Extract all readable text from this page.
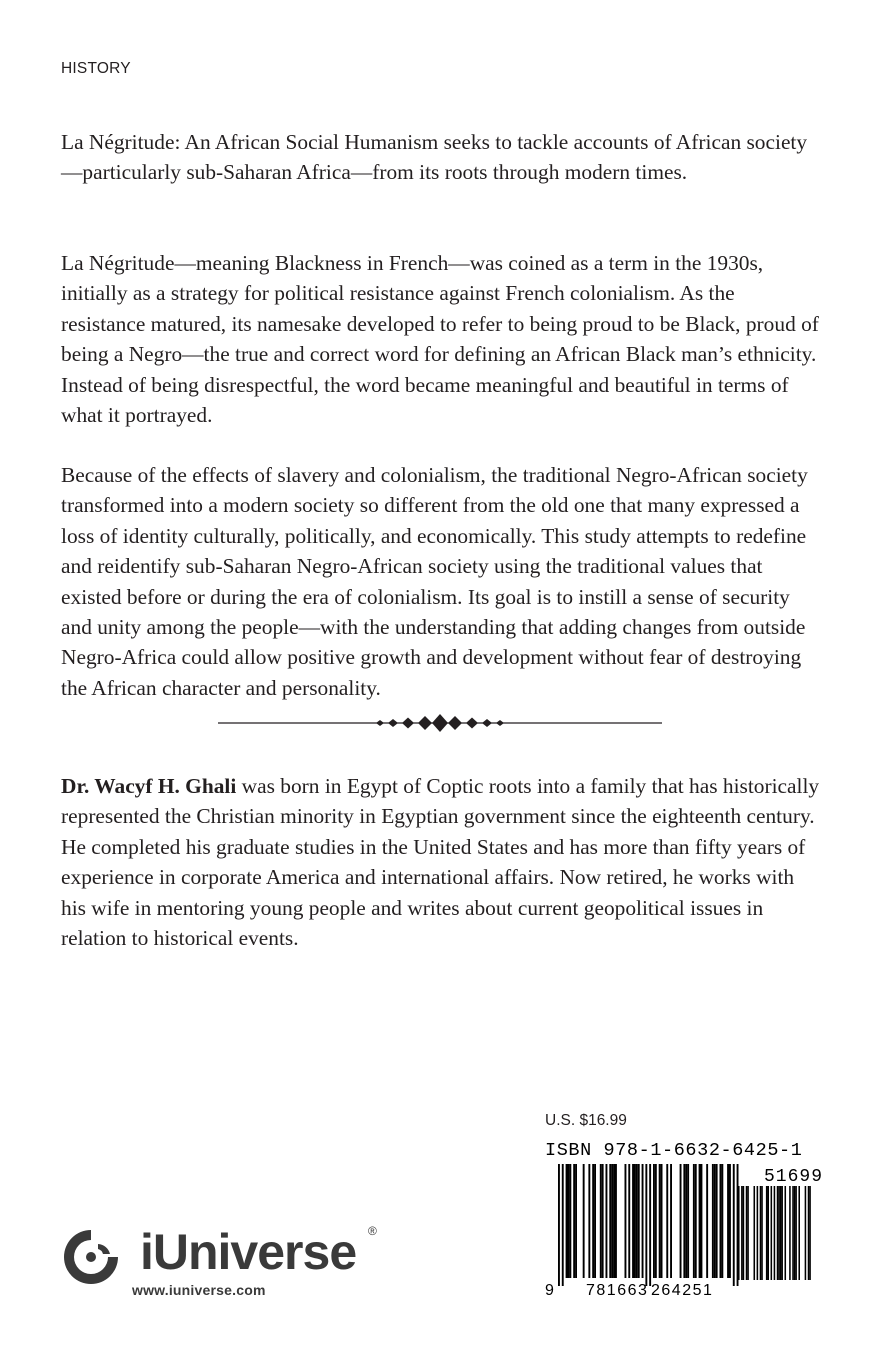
HISTORY

La Négritude: An African Social Humanism seeks to tackle accounts of African society—particularly sub-Saharan Africa—from its roots through modern times.

La Négritude—meaning Blackness in French—was coined as a term in the 1930s, initially as a strategy for political resistance against French colonialism. As the resistance matured, its namesake developed to refer to being proud to be Black, proud of being a Negro—the true and correct word for defining an African Black man’s ethnicity. Instead of being disrespectful, the word became meaningful and beautiful in terms of what it portrayed.

Because of the effects of slavery and colonialism, the traditional Negro-African society transformed into a modern society so different from the old one that many expressed a loss of identity culturally, politically, and economically. This study attempts to redefine and reidentify sub-Saharan Negro-African society using the traditional values that existed before or during the era of colonialism. Its goal is to instill a sense of security and unity among the people—with the understanding that adding changes from outside Negro-Africa could allow positive growth and development without fear of destroying the African character and personality.

Dr. Wacyf H. Ghali was born in Egypt of Coptic roots into a family that has historically represented the Christian minority in Egyptian government since the eighteenth century. He completed his graduate studies in the United States and has more than fifty years of experience in corporate America and international affairs. Now retired, he works with his wife in mentoring young people and writes about current geopolitical issues in relation to historical events.

U.S. $16.99
ISBN 978-1-6632-6425-1
9 781663 264251
51699
iUniverse ®
www.iuniverse.com
